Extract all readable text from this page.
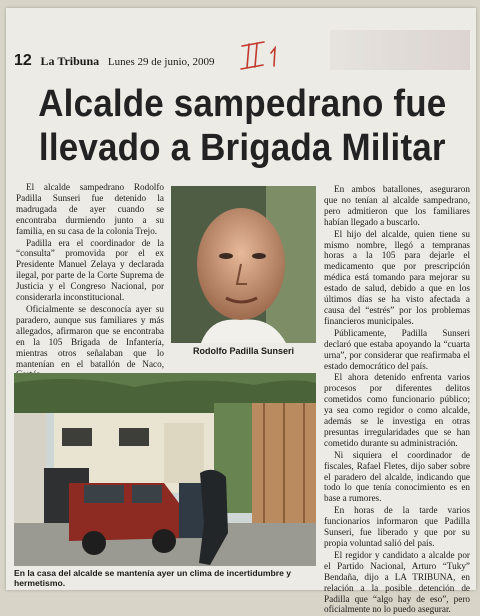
12 La Tribuna Lunes 29 de junio, 2009
Alcalde sampedrano fue
llevado a Brigada Militar

El alcalde sampedrano Rodolfo Padilla Sunseri fue detenido la madrugada de ayer cuando se encontraba durmiendo junto a su familia, en su casa de la colonia Trejo.

Padilla era el coordinador de la “consulta” promovida por el ex Presidente Manuel Zelaya y declarada ilegal, por parte de la Corte Suprema de Justicia y el Congreso Nacional, por considerarla inconstitucional.

Oficialmente se desconocía ayer su paradero, aunque sus familiares y más allegados, afirmaron que se encontraba en la 105 Brigada de Infantería, mientras otros señalaban que lo mantenían en el batallón de Naco,

Rodolfo Padilla Sunseri

En ambos batallones, aseguraron que no tenían al alcalde sampedrano, pero admitieron que los familiares habían llegado a buscarlo.

El hijo del alcalde, quien tiene su mismo nombre, llegó a tempranas horas a la 105 para dejarle el medicamento que por prescripción médica está tomando para mejorar su estado de salud, debido a que en los últimos días se ha visto afectada a causa del “estrés” por los problemas financieros municipales.

Públicamente, Padilla Sunseri declaró que estaba apoyando la “cuarta urna”, por considerar que reafirmaba el estado democrático del país.

El ahora detenido enfrenta varios procesos por diferentes delitos cometidos como funcionario público; ya sea como regidor o como alcalde, además se le investiga en otras presuntas irregularidades que se han cometido durante su administración.

Ni siquiera el coordinador de fiscales, Rafael Fletes, dijo saber sobre el paradero del alcalde, indicando que todo lo que tenía conocimiento es en base a rumores.

En horas de la tarde varios funcionarios informaron que Padilla Sunseri, fue liberado y que por su propia voluntad salió del país.

El regidor y candidato a alcalde por el Partido Nacional, Arturo “Tuky” Bendaña, dijo a LA TRIBUNA, en relación a la posible detención de Padilla que “algo hay de eso”, pero oficialmente no lo puedo asegurar.

En la casa del alcalde se mantenía ayer un clima de incertidumbre y hermetismo.
